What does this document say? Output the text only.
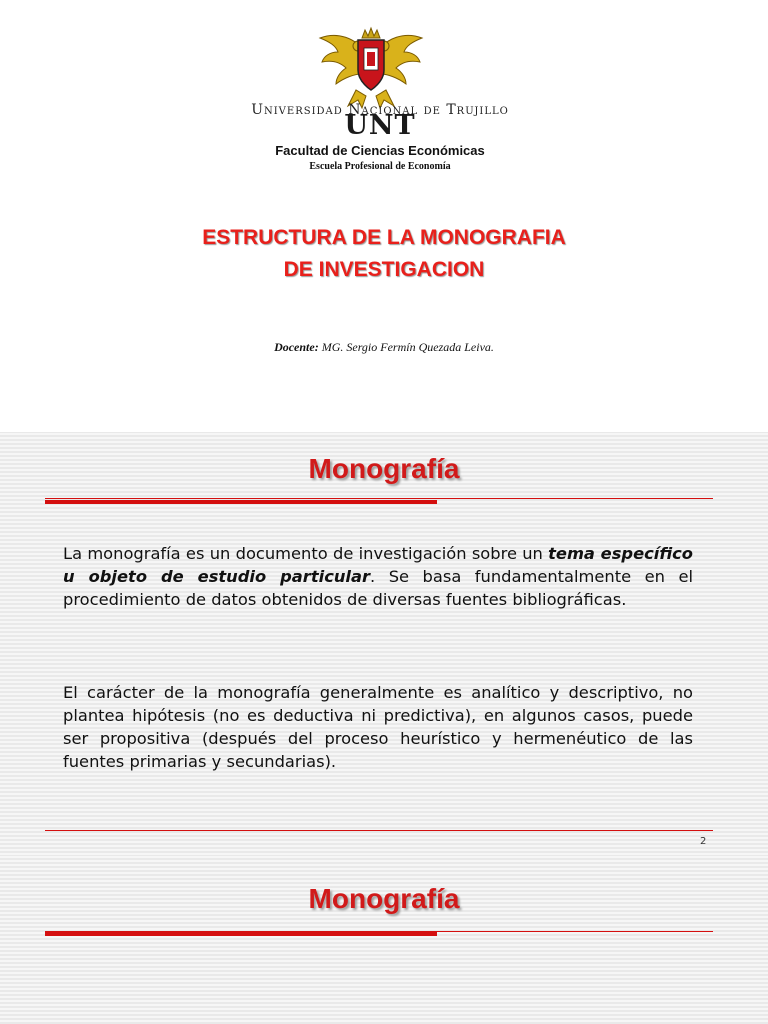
Universidad Nacional de Trujillo
UNT
Facultad de Ciencias Económicas
Escuela Profesional de Economía
ESTRUCTURA DE LA MONOGRAFIA
DE INVESTIGACION
Docente: MG. Sergio Fermín Quezada Leiva.
Monografía
La monografía es un documento de investigación sobre un tema específico u objeto de estudio particular. Se basa fundamentalmente en el procedimiento de datos obtenidos de diversas fuentes bibliográficas.
El carácter de la monografía generalmente es analítico y descriptivo, no plantea hipótesis (no es deductiva ni predictiva), en algunos casos, puede ser propositiva (después del proceso heurístico y hermenéutico de las fuentes primarias y secundarias).
2
Monografía
